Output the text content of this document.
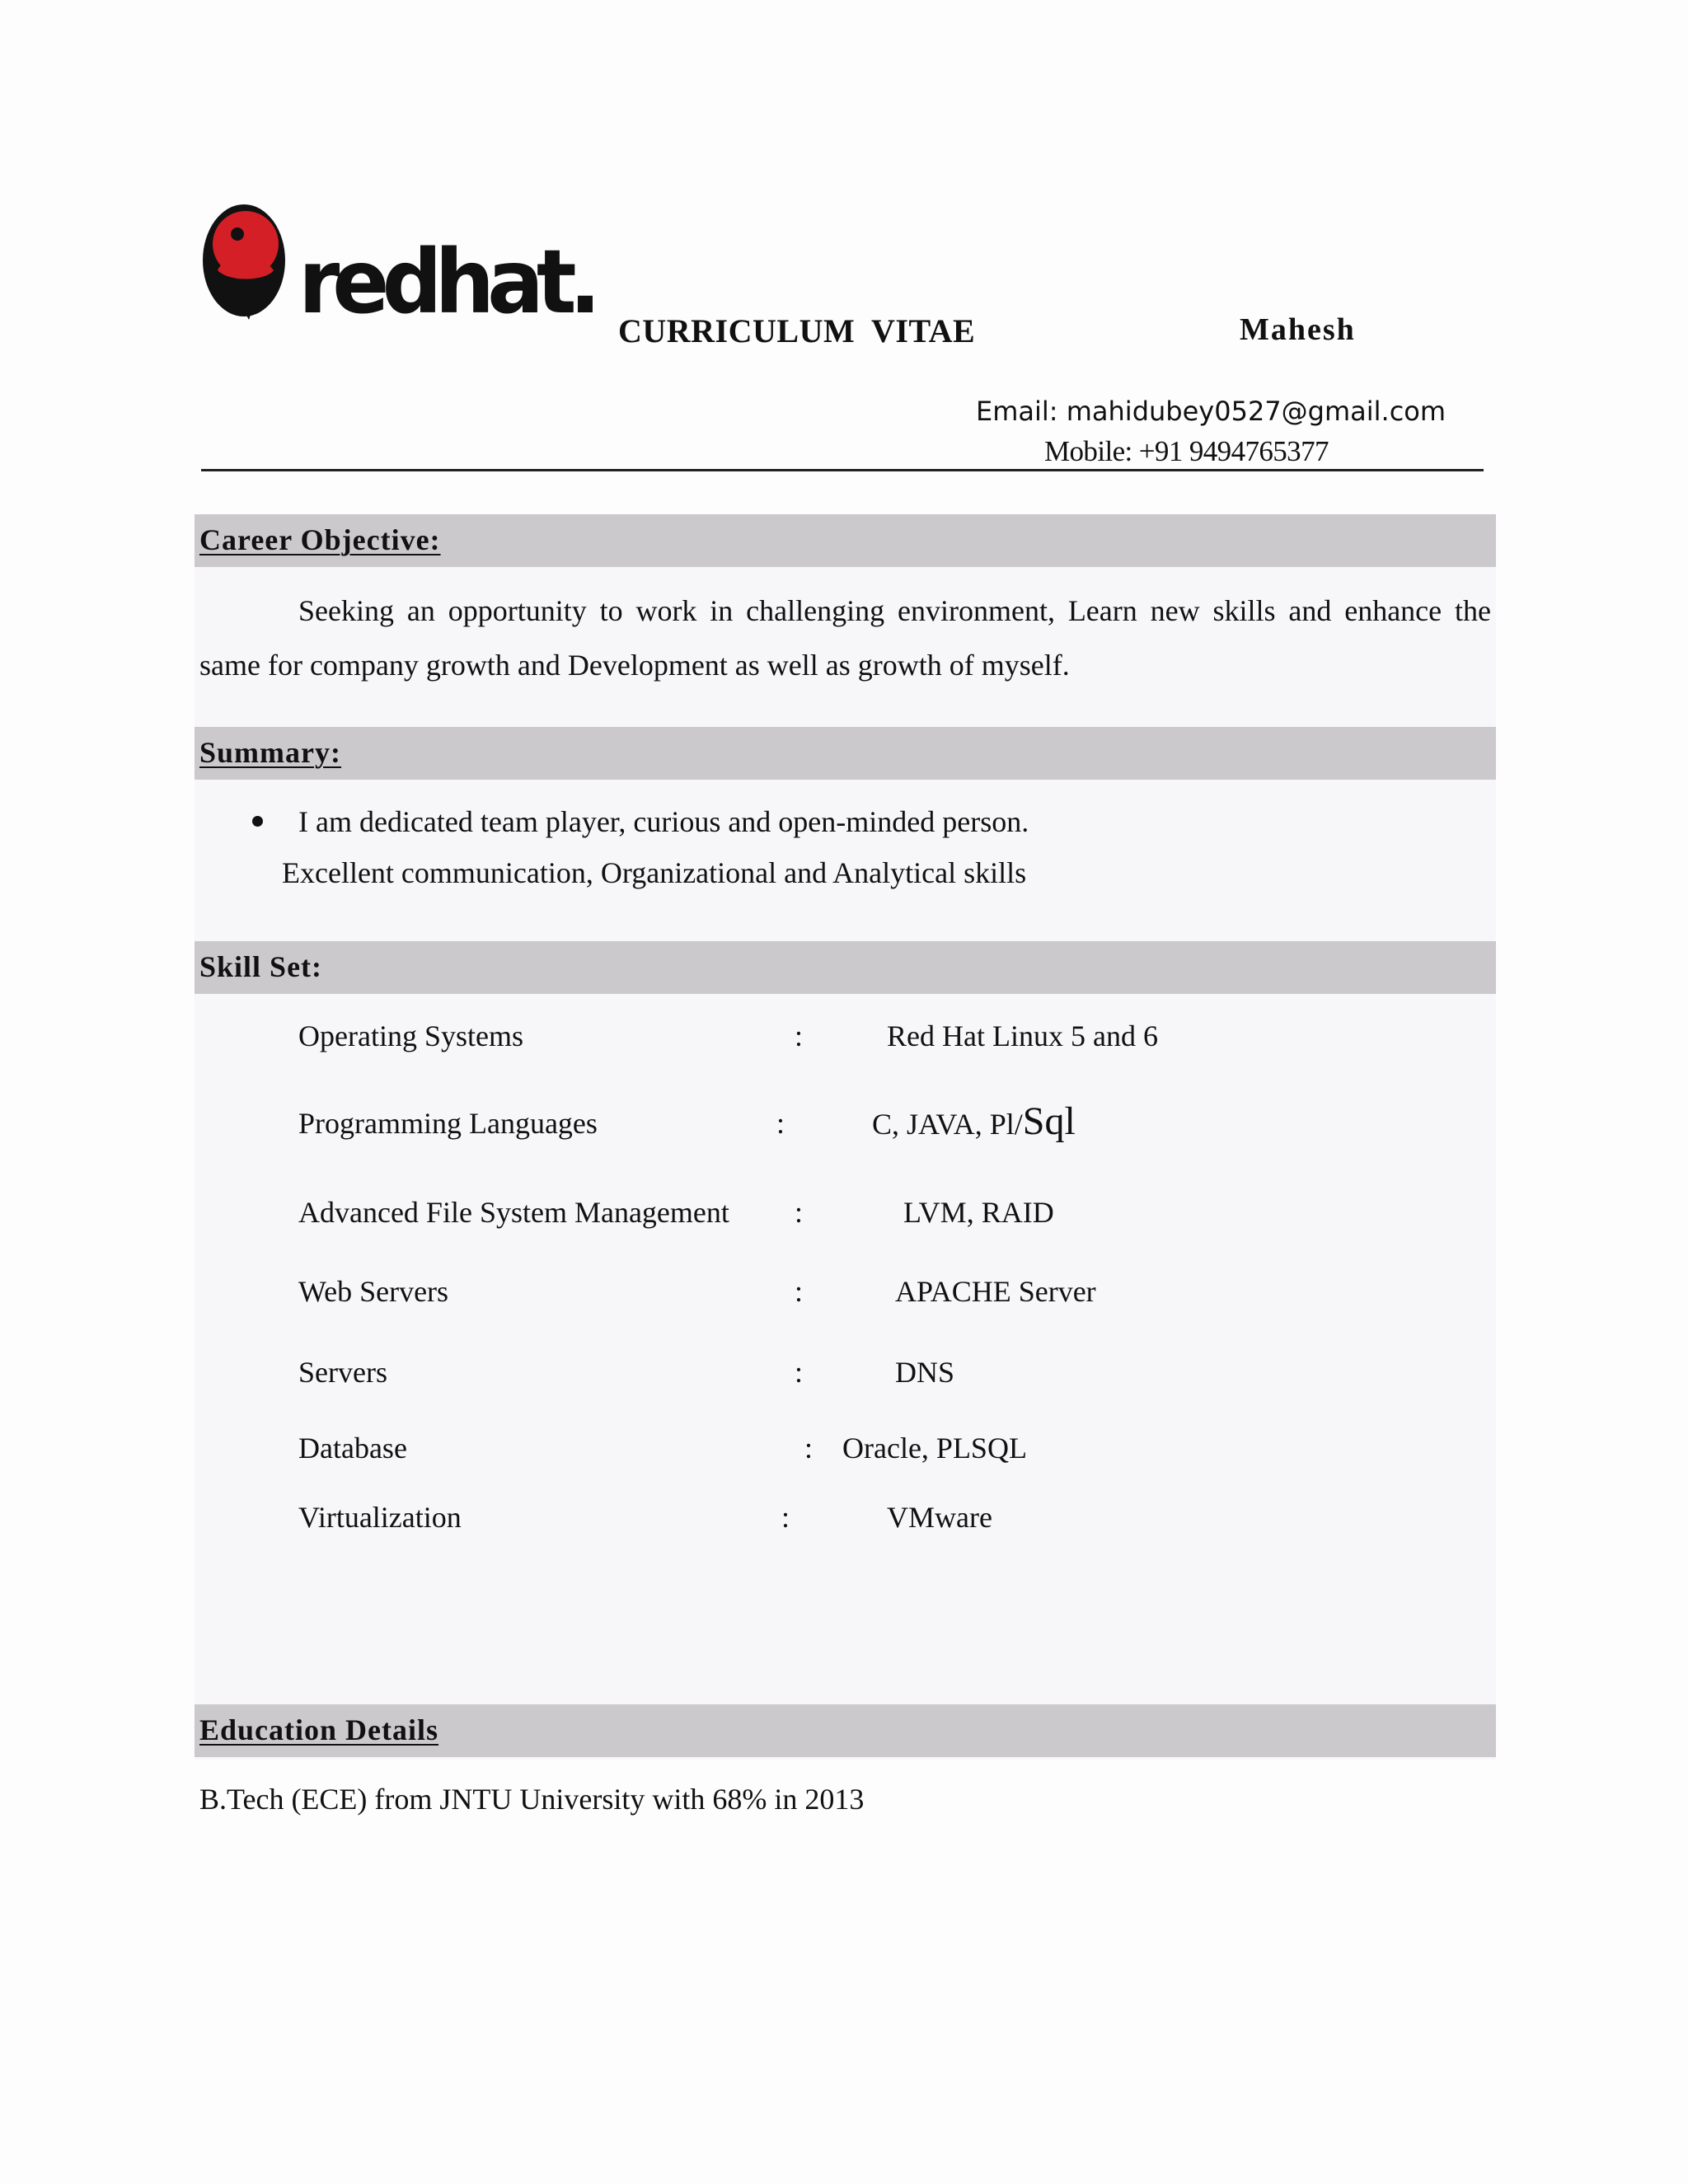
redhat. CURRICULUM VITAE	Mahesh
Email: mahidubey0527@gmail.com
Mobile: +91 9494765377
Career Objective:
Seeking an opportunity to work in challenging environment, Learn new skills and enhance the
same for company growth and Development as well as growth of myself.
Summary:
I am dedicated team player, curious and open-minded person.
Excellent communication, Organizational and Analytical skills
Skill Set:
Operating Systems	:	Red Hat Linux 5 and 6
Programming Languages	:	C, JAVA, Pl/Sql
Advanced File System Management :	LVM, RAID
Web Servers	:	APACHE Server
Servers	:	DNS
Database	: Oracle, PLSQL
Virtualization	:	VMware
Education Details
B.Tech (ECE) from JNTU University with 68% in 2013
